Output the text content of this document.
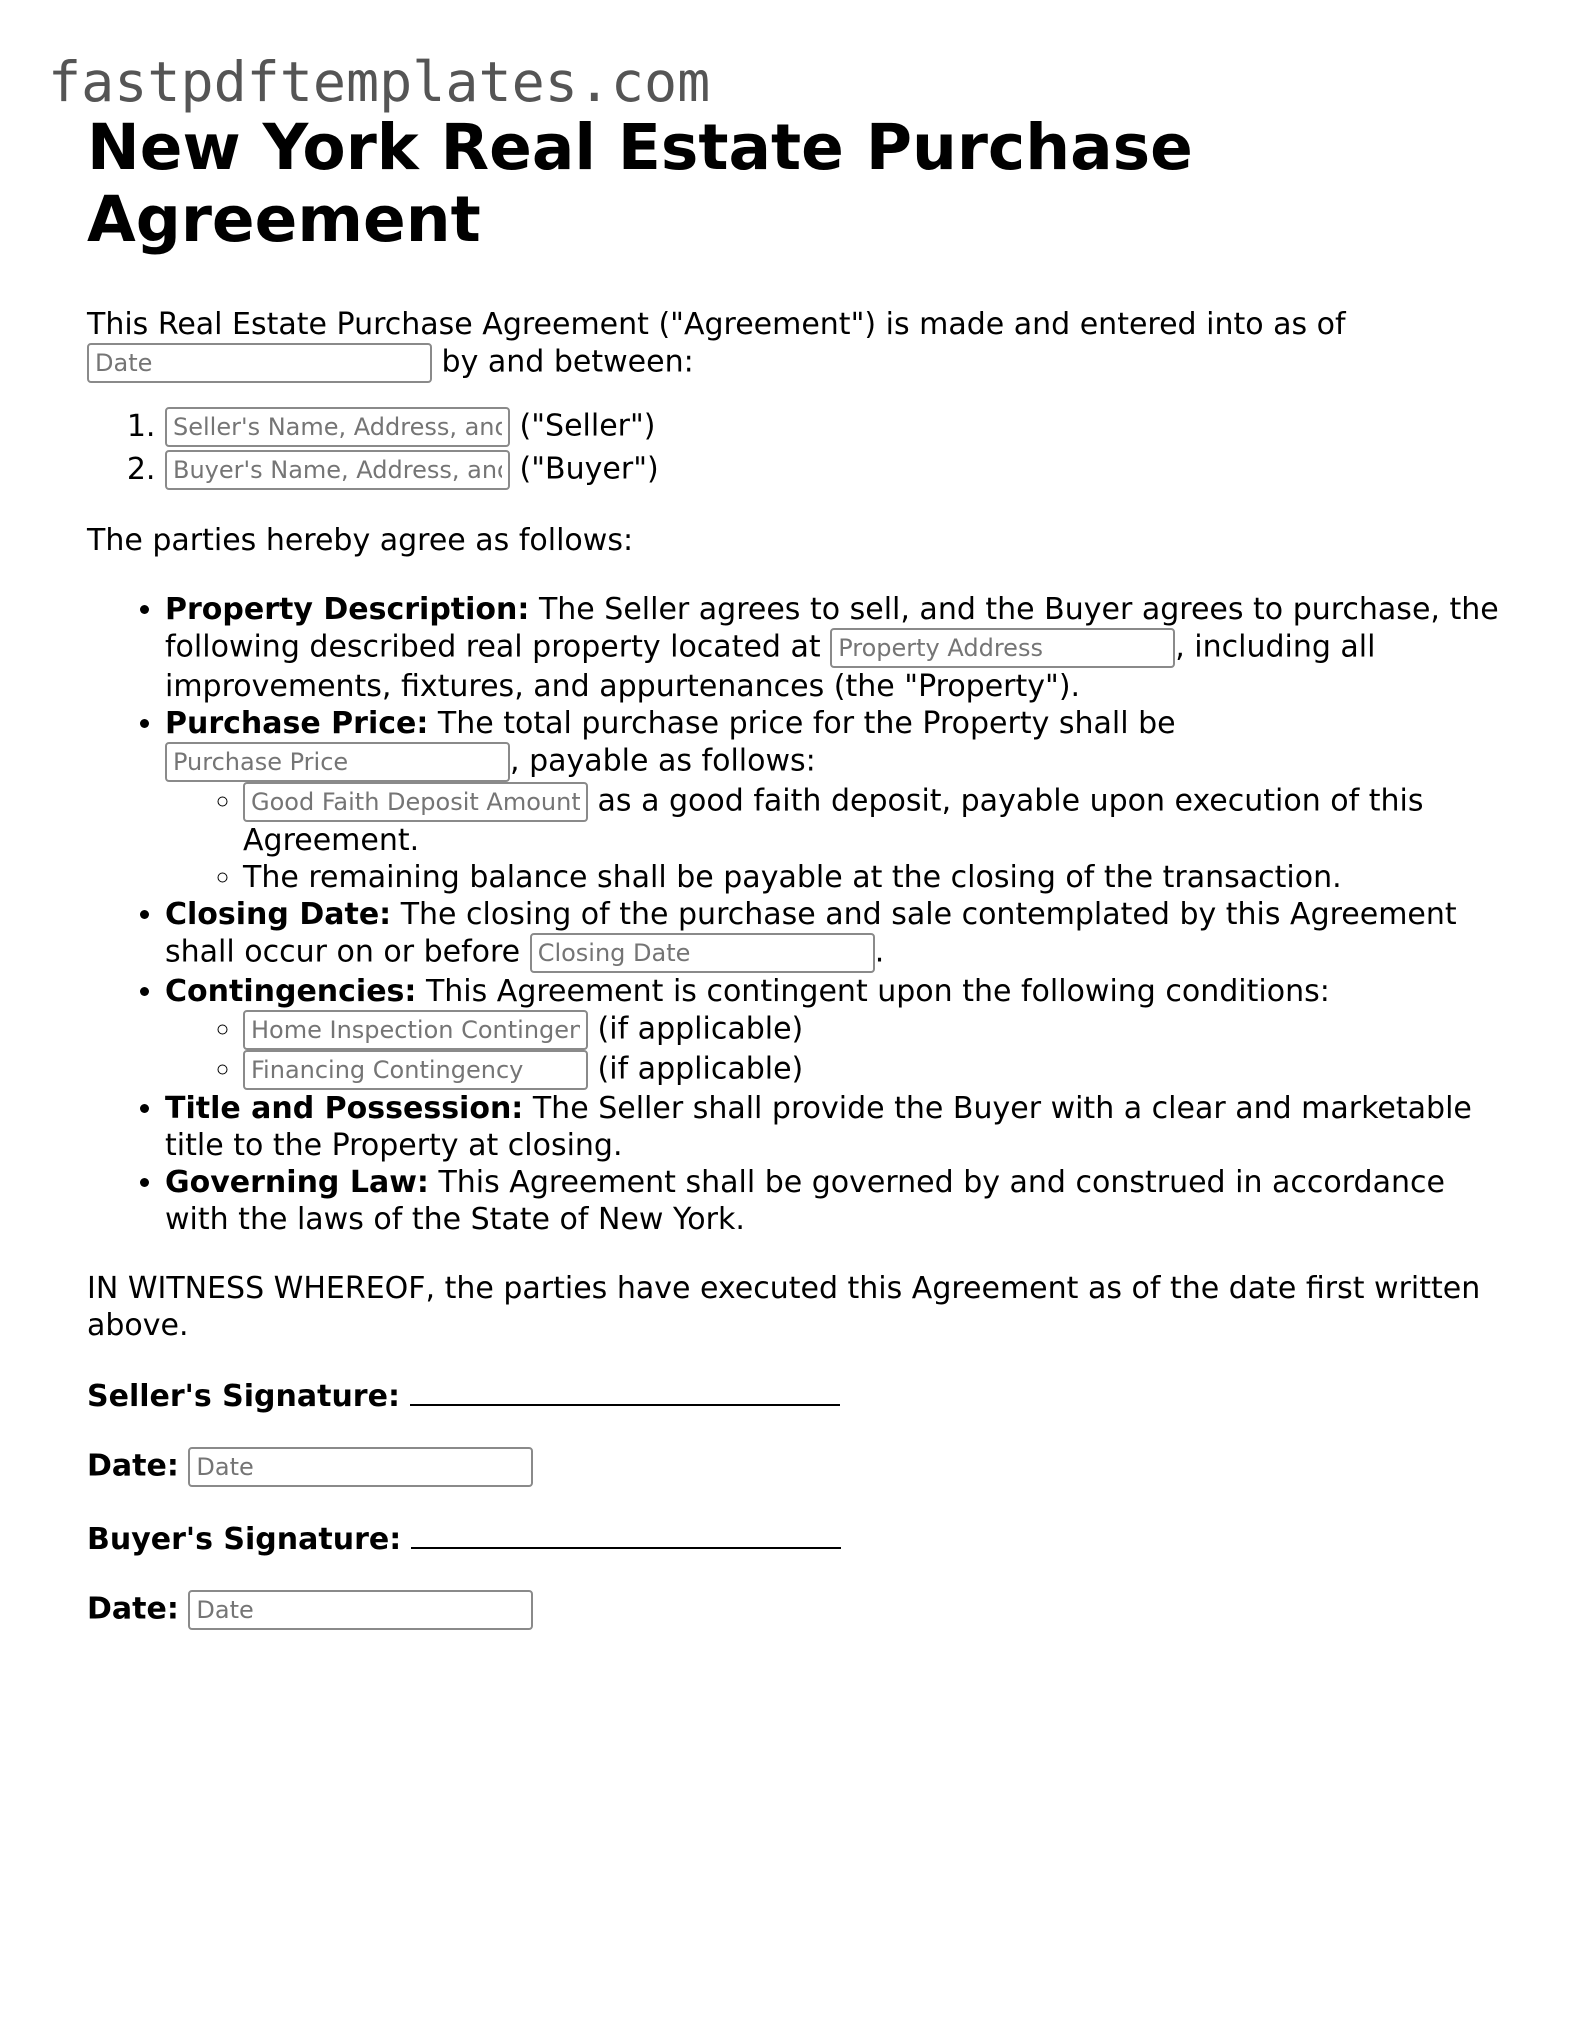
fastpdftemplates.com
New York Real Estate Purchase Agreement

This Real Estate Purchase Agreement ("Agreement") is made and entered into as of Date by and between:

Seller's Name, Address, and Contact 1. ("Seller")
Buyer's Name, Address, and Contact 2. ("Buyer")

The parties hereby agree as follows:

• Property Description: The Seller agrees to sell, and the Buyer agrees to purchase, the following described real property located at Property Address	, including all improvements, fixtures, and appurtenances (the "Property").
• Purchase Price: The total purchase price for the Property shall be Purchase Price, payable as follows:
Good Faith Deposit Amount ◦ as a good faith deposit, payable upon execution of this Agreement.
◦ The remaining balance shall be payable at the closing of the transaction.
• Closing Date: The closing of the purchase and sale contemplated by this Agreement shall occur on or before Closing Date	.
• Contingencies: This Agreement is contingent upon the following conditions:
Home Inspection Contingency ◦ (if applicable)
Financing Contingency ◦ (if applicable)
• Title and Possession: The Seller shall provide the Buyer with a clear and marketable title to the Property at closing.
• Governing Law: This Agreement shall be governed by and construed in accordance with the laws of the State of New York.

IN WITNESS WHEREOF, the parties have executed this Agreement as of the date first written above.

Seller's Signature:

Date: Date

Buyer's Signature:

Date: Date
